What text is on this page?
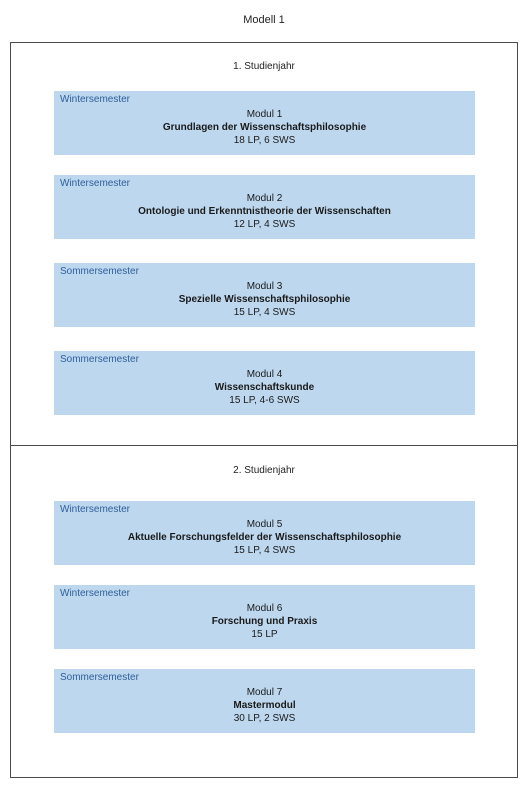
Modell 1
1. Studienjahr
Wintersemester
Modul 1
Grundlagen der Wissenschaftsphilosophie
18 LP, 6 SWS
Wintersemester
Modul 2
Ontologie und Erkenntnistheorie der Wissenschaften
12 LP, 4 SWS
Sommersemester
Modul 3
Spezielle Wissenschaftsphilosophie
15 LP, 4 SWS
Sommersemester
Modul 4
Wissenschaftskunde
15 LP, 4-6 SWS
2. Studienjahr
Wintersemester
Modul 5
Aktuelle Forschungsfelder der Wissenschaftsphilosophie
15 LP, 4 SWS
Wintersemester
Modul 6
Forschung und Praxis
15 LP
Sommersemester
Modul 7
Mastermodul
30 LP, 2 SWS
